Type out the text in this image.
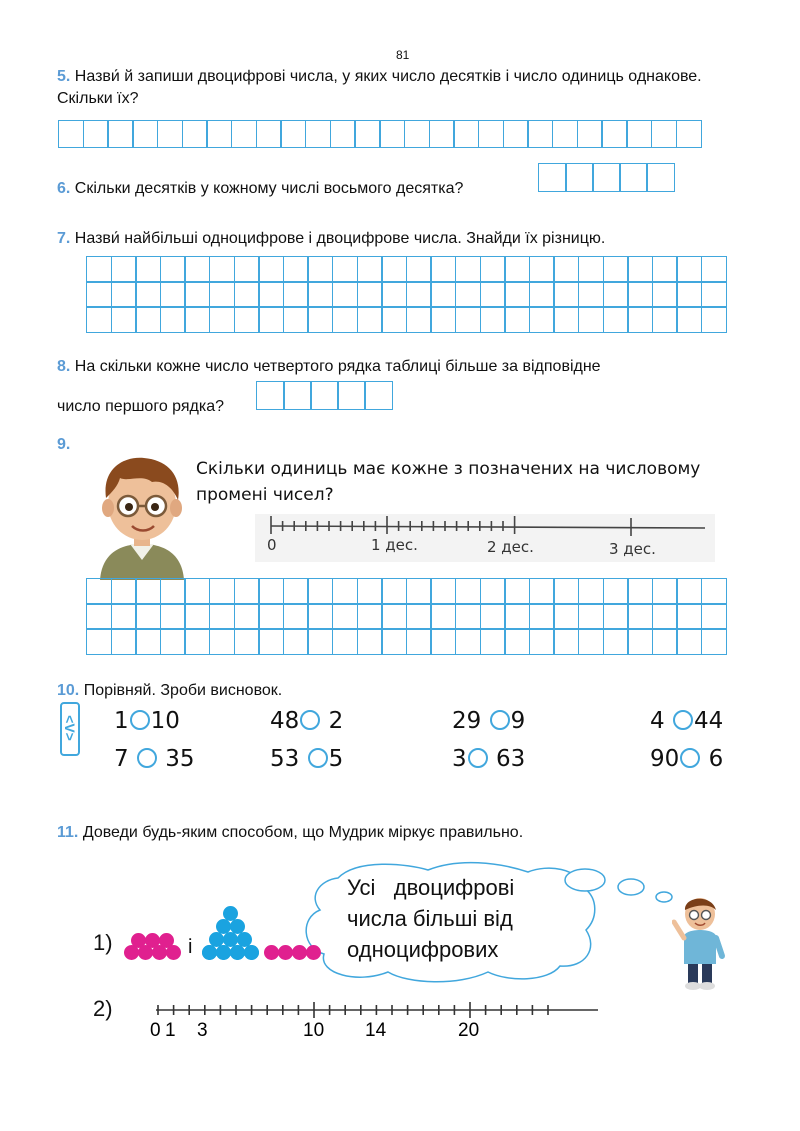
81
5. Назви́ й запиши двоцифрові числа, у яких число десятків і число одиниць однакове. Скільки їх?
6. Скільки десятків у кожному числі восьмого десятка?
7. Назви́ найбільші одноцифрове і двоцифрове числа. Знайди їх різницю.
8. На скільки кожне число четвертого рядка таблиці більше за відповідне
число першого рядка?
9.
Скільки одиниць має кожне з позначених на числовому промені чисел?
0	1 дес.	2 дес.	3 дес.
10. Порівняй. Зроби висновок.
<V> 1 10	48 2	29 9	4 44
7 35	53 5	3 63	90 6
11. Доведи будь-яким способом, що Мудрик міркує правильно.
Усі   двоцифрові
числа більші від
одноцифрових
1)	і
2)
0 1 3	10 14	20
